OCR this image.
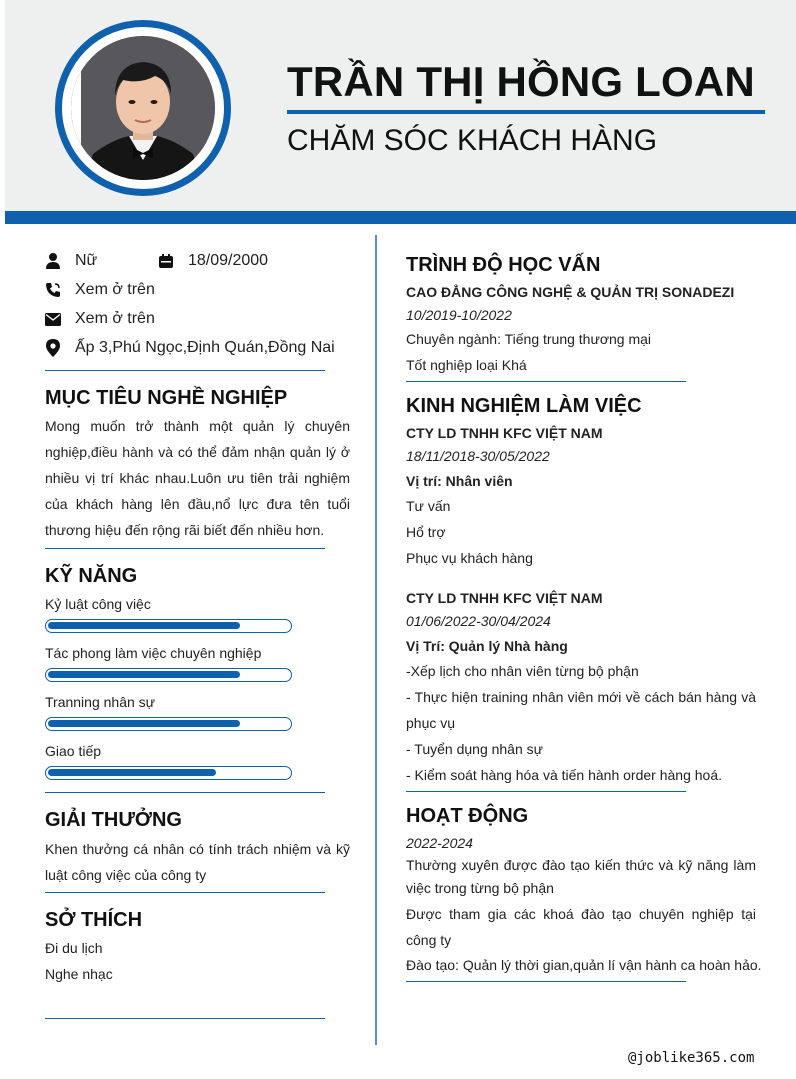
TRẦN THỊ HỒNG LOAN
CHĂM SÓC KHÁCH HÀNG
Nữ	18/09/2000
Xem ở trên
Xem ở trên
Ấp 3,Phú Ngọc,Định Quán,Đồng Nai
MỤC TIÊU NGHỀ NGHIỆP
Mong muốn trở thành một quản lý chuyên nghiệp,điều hành và có thể đảm nhận quản lý ở nhiều vị trí khác nhau.Luôn ưu tiên trải nghiệm của khách hàng lên đầu,nổ lực đưa tên tuổi thương hiệu đến rộng rãi biết đến nhiều hơn.
KỸ NĂNG
Kỷ luật công việc
Tác phong làm việc chuyên nghiệp
Tranning nhân sự
Giao tiếp
GIẢI THƯỞNG
Khen thưởng cá nhân có tính trách nhiệm và kỹ luật công việc của công ty
SỞ THÍCH
Đi du lịch
Nghe nhạc
TRÌNH ĐỘ HỌC VẤN
CAO ĐẲNG CÔNG NGHỆ & QUẢN TRỊ SONADEZI
10/2019-10/2022
Chuyên ngành: Tiếng trung thương mại
Tốt nghiệp loại Khá
KINH NGHIỆM LÀM VIỆC
CTY LD TNHH KFC VIỆT NAM
18/11/2018-30/05/2022
Vị trí: Nhân viên
Tư vấn
Hổ trợ
Phục vụ khách hàng
CTY LD TNHH KFC VIỆT NAM
01/06/2022-30/04/2024
Vị Trí: Quản lý Nhà hàng
-Xếp lịch cho nhân viên từng bộ phận
- Thực hiện training nhân viên mới về cách bán hàng và phục vụ
- Tuyển dụng nhân sự
- Kiểm soát hàng hóa và tiến hành order hàng hoá.
HOẠT ĐỘNG
2022-2024
Thường xuyên được đào tạo kiến thức và kỹ năng làm việc trong từng bộ phận
Được tham gia các khoá đào tạo chuyên nghiệp tại công ty
Đào tạo: Quản lý thời gian,quản lí vận hành ca hoàn hảo.
@joblike365.com
